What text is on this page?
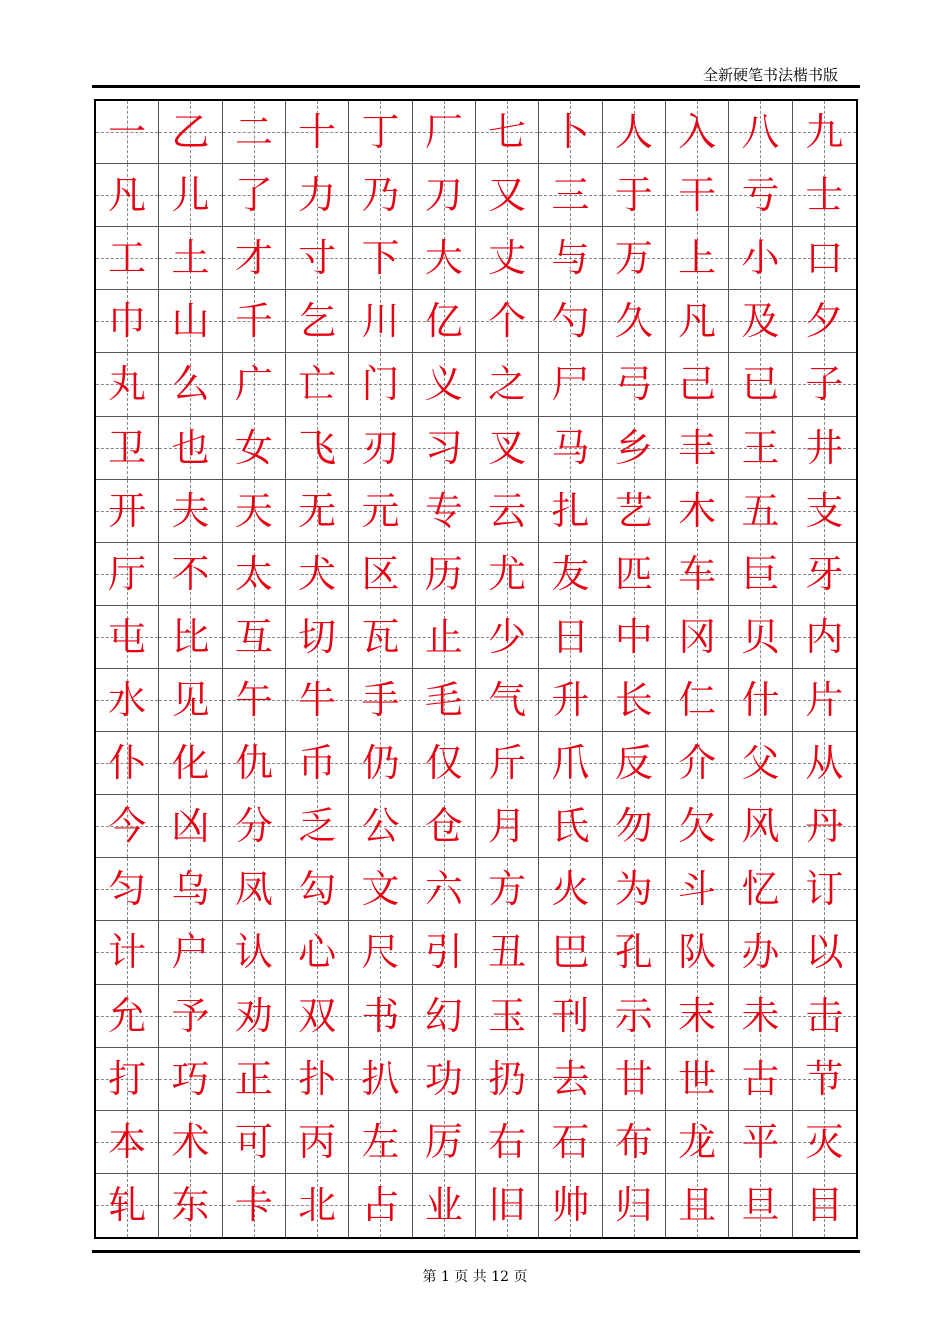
全新硬笔书法楷书版
一 乙 二 十 丁 厂 七 卜 人 入 八 九
凡 儿 了 力 乃 刀 又 三 于 干 亏 士
工 土 才 寸 下 大 丈 与 万 上 小 口
巾 山 千 乞 川 亿 个 勺 久 凡 及 夕
丸 么 广 亡 门 义 之 尸 弓 己 已 子
卫 也 女 飞 刃 习 叉 马 乡 丰 王 井
开 夫 天 无 元 专 云 扎 艺 木 五 支
厅 不 太 犬 区 历 尤 友 匹 车 巨 牙
屯 比 互 切 瓦 止 少 日 中 冈 贝 内
水 见 午 牛 手 毛 气 升 长 仁 什 片
仆 化 仇 币 仍 仅 斤 爪 反 介 父 从
今 凶 分 乏 公 仓 月 氏 勿 欠 风 丹
匀 乌 凤 勾 文 六 方 火 为 斗 忆 订
计 户 认 心 尺 引 丑 巴 孔 队 办 以
允 予 劝 双 书 幻 玉 刊 示 末 未 击
打 巧 正 扑 扒 功 扔 去 甘 世 古 节
本 术 可 丙 左 厉 右 石 布 龙 平 灭
轧 东 卡 北 占 业 旧 帅 归 且 旦 目
第 1 页 共 12 页
